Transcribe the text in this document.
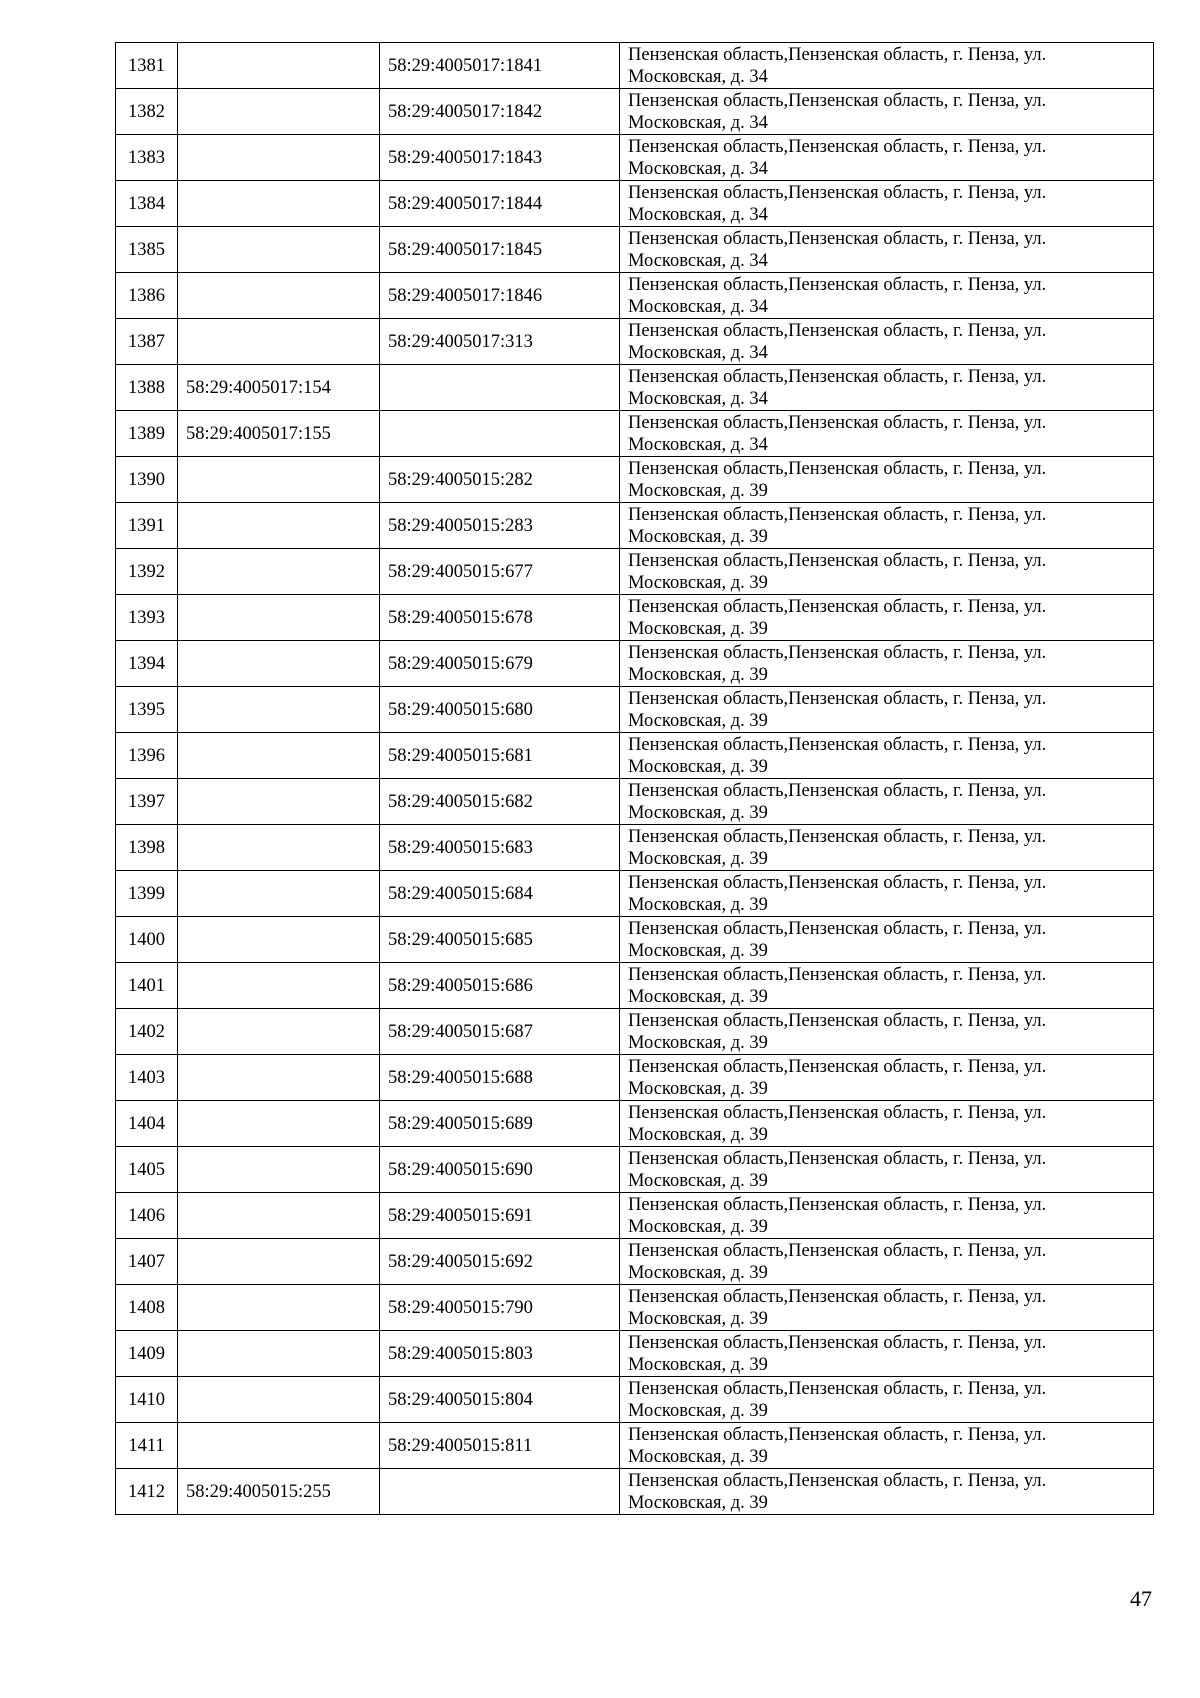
1381		58:29:4005017:1841	Пензенская область,Пензенская область, г. Пенза, ул.
Московская, д. 34

1382		58:29:4005017:1842	Пензенская область,Пензенская область, г. Пенза, ул.
Московская, д. 34

1383		58:29:4005017:1843	Пензенская область,Пензенская область, г. Пенза, ул.
Московская, д. 34

1384		58:29:4005017:1844	Пензенская область,Пензенская область, г. Пенза, ул.
Московская, д. 34

1385		58:29:4005017:1845	Пензенская область,Пензенская область, г. Пенза, ул.
Московская, д. 34

1386		58:29:4005017:1846	Пензенская область,Пензенская область, г. Пенза, ул.
Московская, д. 34

1387		58:29:4005017:313	Пензенская область,Пензенская область, г. Пенза, ул.
Московская, д. 34

1388	58:29:4005017:154		Пензенская область,Пензенская область, г. Пенза, ул.
Московская, д. 34

1389	58:29:4005017:155		Пензенская область,Пензенская область, г. Пенза, ул.
Московская, д. 34

1390		58:29:4005015:282	Пензенская область,Пензенская область, г. Пенза, ул.
Московская, д. 39

1391		58:29:4005015:283	Пензенская область,Пензенская область, г. Пенза, ул.
Московская, д. 39

1392		58:29:4005015:677	Пензенская область,Пензенская область, г. Пенза, ул.
Московская, д. 39

1393		58:29:4005015:678	Пензенская область,Пензенская область, г. Пенза, ул.
Московская, д. 39

1394		58:29:4005015:679	Пензенская область,Пензенская область, г. Пенза, ул.
Московская, д. 39

1395		58:29:4005015:680	Пензенская область,Пензенская область, г. Пенза, ул.
Московская, д. 39

1396		58:29:4005015:681	Пензенская область,Пензенская область, г. Пенза, ул.
Московская, д. 39

1397		58:29:4005015:682	Пензенская область,Пензенская область, г. Пенза, ул.
Московская, д. 39

1398		58:29:4005015:683	Пензенская область,Пензенская область, г. Пенза, ул.
Московская, д. 39

1399		58:29:4005015:684	Пензенская область,Пензенская область, г. Пенза, ул.
Московская, д. 39

1400		58:29:4005015:685	Пензенская область,Пензенская область, г. Пенза, ул.
Московская, д. 39

1401		58:29:4005015:686	Пензенская область,Пензенская область, г. Пенза, ул.
Московская, д. 39

1402		58:29:4005015:687	Пензенская область,Пензенская область, г. Пенза, ул.
Московская, д. 39

1403		58:29:4005015:688	Пензенская область,Пензенская область, г. Пенза, ул.
Московская, д. 39

1404		58:29:4005015:689	Пензенская область,Пензенская область, г. Пенза, ул.
Московская, д. 39

1405		58:29:4005015:690	Пензенская область,Пензенская область, г. Пенза, ул.
Московская, д. 39

1406		58:29:4005015:691	Пензенская область,Пензенская область, г. Пенза, ул.
Московская, д. 39

1407		58:29:4005015:692	Пензенская область,Пензенская область, г. Пенза, ул.
Московская, д. 39

1408		58:29:4005015:790	Пензенская область,Пензенская область, г. Пенза, ул.
Московская, д. 39

1409		58:29:4005015:803	Пензенская область,Пензенская область, г. Пенза, ул.
Московская, д. 39

1410		58:29:4005015:804	Пензенская область,Пензенская область, г. Пенза, ул.
Московская, д. 39

1411		58:29:4005015:811	Пензенская область,Пензенская область, г. Пенза, ул.
Московская, д. 39

1412	58:29:4005015:255		Пензенская область,Пензенская область, г. Пенза, ул.
Московская, д. 39
47
